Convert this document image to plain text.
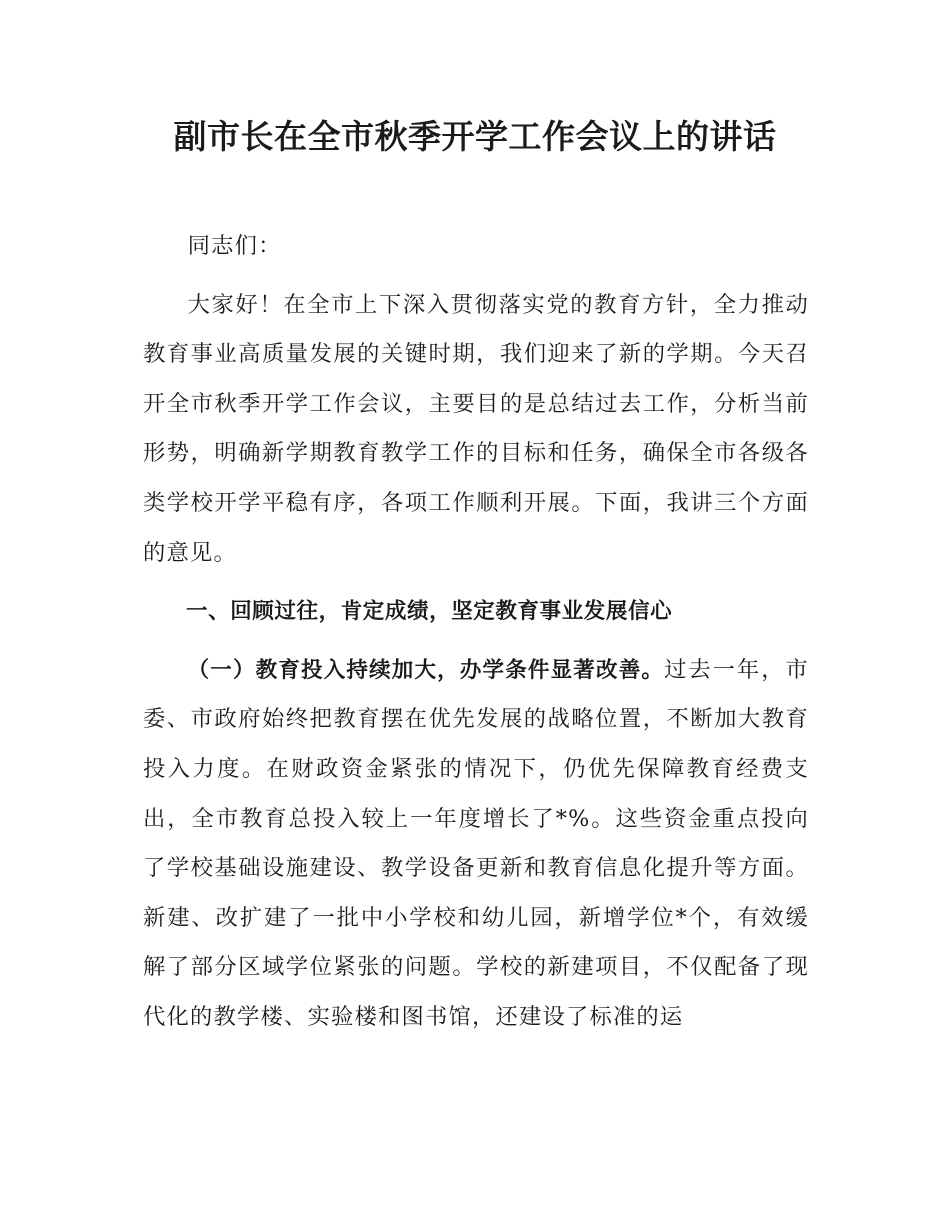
副市长在全市秋季开学工作会议上的讲话

同志们：

大家好！在全市上下深入贯彻落实党的教育方针，全力推动教育事业高质量发展的关键时期，我们迎来了新的学期。今天召开全市秋季开学工作会议，主要目的是总结过去工作，分析当前形势，明确新学期教育教学工作的目标和任务，确保全市各级各类学校开学平稳有序，各项工作顺利开展。下面，我讲三个方面的意见。

一、回顾过往，肯定成绩，坚定教育事业发展信心

（一）教育投入持续加大，办学条件显著改善。过去一年，市委、市政府始终把教育摆在优先发展的战略位置，不断加大教育投入力度。在财政资金紧张的情况下，仍优先保障教育经费支出，全市教育总投入较上一年度增长了*%。这些资金重点投向了学校基础设施建设、教学设备更新和教育信息化提升等方面。新建、改扩建了一批中小学校和幼儿园，新增学位*个，有效缓解了部分区域学位紧张的问题。学校的新建项目，不仅配备了现代化的教学楼、实验楼和图书馆，还建设了标准的运
